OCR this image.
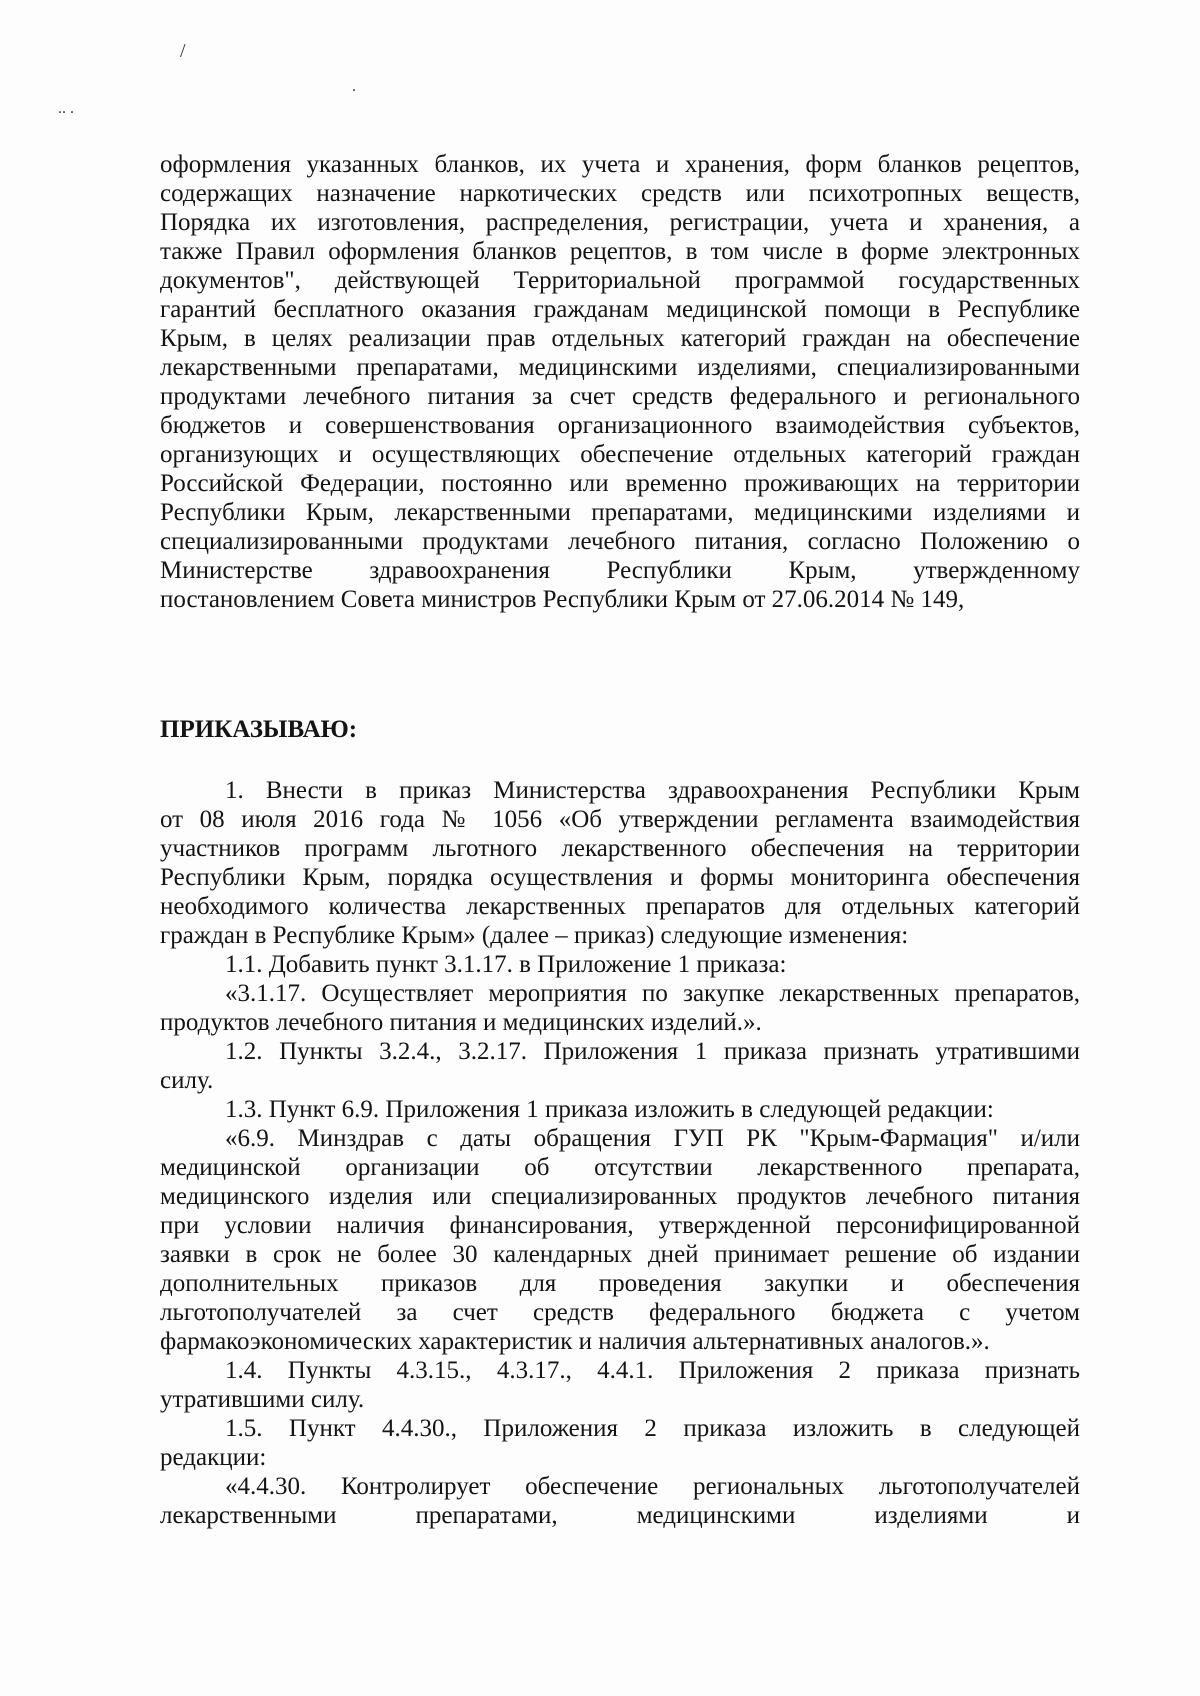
/
.. .
.
оформления указанных бланков, их учета и хранения, форм бланков рецептов,
содержащих назначение наркотических средств или психотропных веществ,
Порядка их изготовления, распределения, регистрации, учета и хранения, а
также Правил оформления бланков рецептов, в том числе в форме электронных
документов", действующей Территориальной программой государственных
гарантий бесплатного оказания гражданам медицинской помощи в Республике
Крым, в целях реализации прав отдельных категорий граждан на обеспечение
лекарственными препаратами, медицинскими изделиями, специализированными
продуктами лечебного питания за счет средств федерального и регионального
бюджетов и совершенствования организационного взаимодействия субъектов,
организующих и осуществляющих обеспечение отдельных категорий граждан
Российской Федерации, постоянно или временно проживающих на территории
Республики Крым, лекарственными препаратами, медицинскими изделиями и
специализированными продуктами лечебного питания, согласно Положению о
Министерстве здравоохранения Республики Крым, утвержденному
постановлением Совета министров Республики Крым от 27.06.2014 № 149,
ПРИКАЗЫВАЮ:
1. Внести в приказ Министерства здравоохранения Республики Крым
от 08 июля 2016 года № 1056 «Об утверждении регламента взаимодействия
участников программ льготного лекарственного обеспечения на территории
Республики Крым, порядка осуществления и формы мониторинга обеспечения
необходимого количества лекарственных препаратов для отдельных категорий
граждан в Республике Крым» (далее – приказ) следующие изменения:
1.1. Добавить пункт 3.1.17. в Приложение 1 приказа:
«3.1.17. Осуществляет мероприятия по закупке лекарственных препаратов,
продуктов лечебного питания и медицинских изделий.».
1.2. Пункты 3.2.4., 3.2.17. Приложения 1 приказа признать утратившими
силу.
1.3. Пункт 6.9. Приложения 1 приказа изложить в следующей редакции:
«6.9. Минздрав с даты обращения ГУП РК "Крым-Фармация" и/или
медицинской организации об отсутствии лекарственного препарата,
медицинского изделия или специализированных продуктов лечебного питания
при условии наличия финансирования, утвержденной персонифицированной
заявки в срок не более 30 календарных дней принимает решение об издании
дополнительных приказов для проведения закупки и обеспечения
льготополучателей за счет средств федерального бюджета с учетом
фармакоэкономических характеристик и наличия альтернативных аналогов.».
1.4. Пункты 4.3.15., 4.3.17., 4.4.1. Приложения 2 приказа признать
утратившими силу.
1.5. Пункт 4.4.30., Приложения 2 приказа изложить в следующей
редакции:
«4.4.30. Контролирует обеспечение региональных льготополучателей
лекарственными препаратами, медицинскими изделиями и
